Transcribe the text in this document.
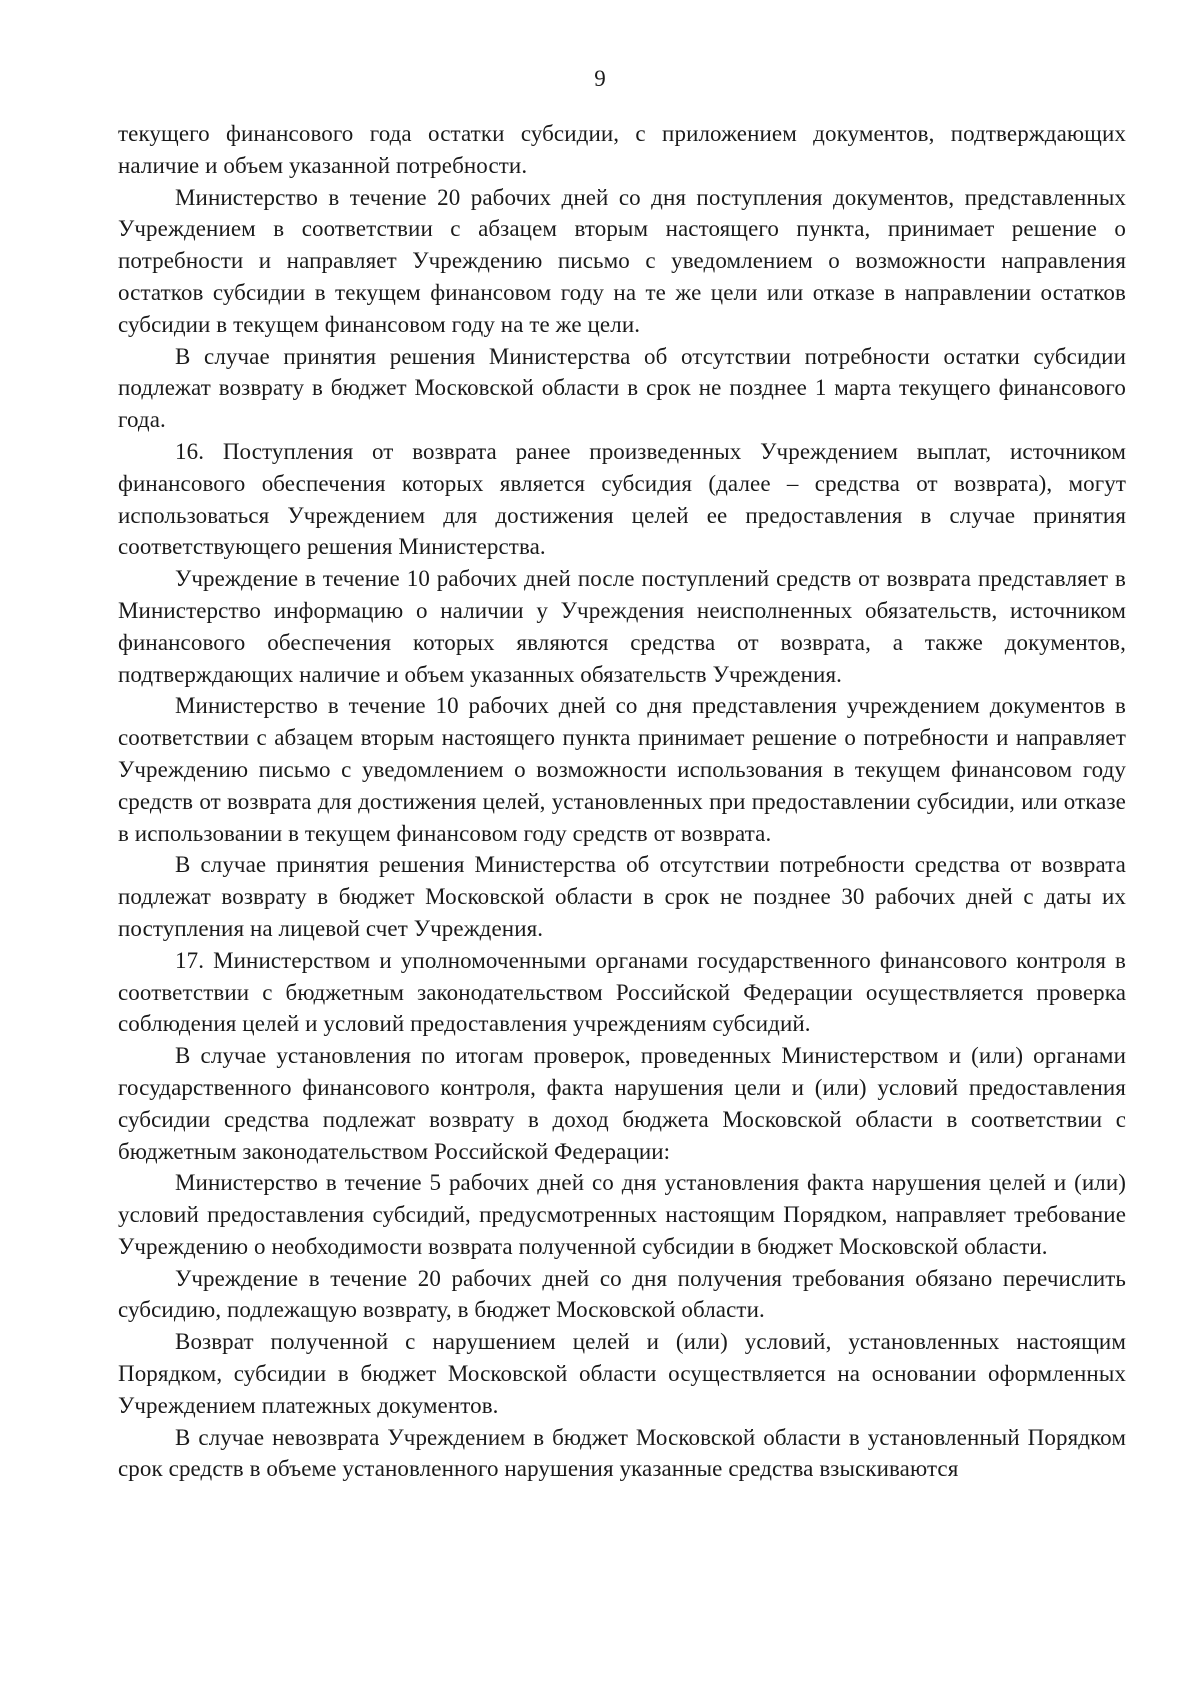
9

текущего финансового года остатки субсидии, с приложением документов, подтверждающих наличие и объем указанной потребности.

Министерство в течение 20 рабочих дней со дня поступления документов, представленных Учреждением в соответствии с абзацем вторым настоящего пункта, принимает решение о потребности и направляет Учреждению письмо с уведомлением о возможности направления остатков субсидии в текущем финансовом году на те же цели или отказе в направлении остатков субсидии в текущем финансовом году на те же цели.

В случае принятия решения Министерства об отсутствии потребности остатки субсидии подлежат возврату в бюджет Московской области в срок не позднее 1 марта текущего финансового года.

16. Поступления от возврата ранее произведенных Учреждением выплат, источником финансового обеспечения которых является субсидия (далее – средства от возврата), могут использоваться Учреждением для достижения целей ее предоставления в случае принятия соответствующего решения Министерства.

Учреждение в течение 10 рабочих дней после поступлений средств от возврата представляет в Министерство информацию о наличии у Учреждения неисполненных обязательств, источником финансового обеспечения которых являются средства от возврата, а также документов, подтверждающих наличие и объем указанных обязательств Учреждения.

Министерство в течение 10 рабочих дней со дня представления учреждением документов в соответствии с абзацем вторым настоящего пункта принимает решение о потребности и направляет Учреждению письмо с уведомлением о возможности использования в текущем финансовом году средств от возврата для достижения целей, установленных при предоставлении субсидии, или отказе в использовании в текущем финансовом году средств от возврата.

В случае принятия решения Министерства об отсутствии потребности средства от возврата подлежат возврату в бюджет Московской области в срок не позднее 30 рабочих дней с даты их поступления на лицевой счет Учреждения.

17. Министерством и уполномоченными органами государственного финансового контроля в соответствии с бюджетным законодательством Российской Федерации осуществляется проверка соблюдения целей и условий предоставления учреждениям субсидий.

В случае установления по итогам проверок, проведенных Министерством и (или) органами государственного финансового контроля, факта нарушения цели и (или) условий предоставления субсидии средства подлежат возврату в доход бюджета Московской области в соответствии с бюджетным законодательством Российской Федерации:

Министерство в течение 5 рабочих дней со дня установления факта нарушения целей и (или) условий предоставления субсидий, предусмотренных настоящим Порядком, направляет требование Учреждению о необходимости возврата полученной субсидии в бюджет Московской области.

Учреждение в течение 20 рабочих дней со дня получения требования обязано перечислить субсидию, подлежащую возврату, в бюджет Московской области.

Возврат полученной с нарушением целей и (или) условий, установленных настоящим Порядком, субсидии в бюджет Московской области осуществляется на основании оформленных Учреждением платежных документов.

В случае невозврата Учреждением в бюджет Московской области в установленный Порядком срок средств в объеме установленного нарушения указанные средства взыскиваются
